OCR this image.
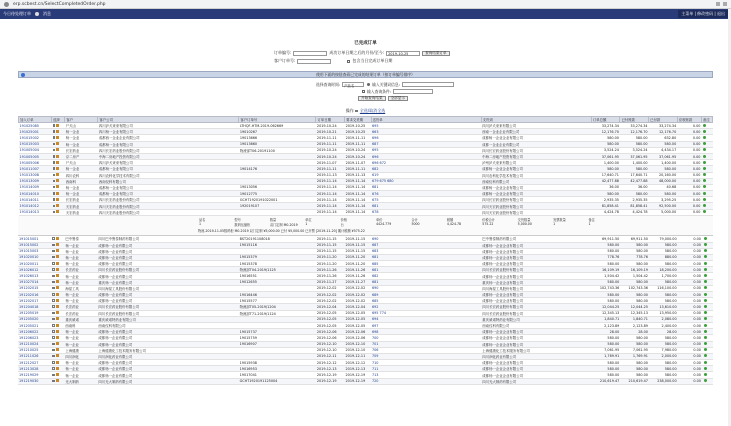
erp.scbest.cn/SelectCompletedOrder.php
今日待处理订单	消息	主菜单 | 修改密码 | 退出
已完成订单
订单编号:	成功订单日期之后的月份/至今:	2019-10-25	查询结果订单
客户订单号:	包含当日完成订单日期
使用下面的按钮查看已完成的结果订单（按订单编号排序）
选择查询时间:	产品名	输入关键词信息:
输入查询条件:
开始查询结果	全部显示
操作 全选/取消全选
加入订单	选择	客户	客户公司	客户订单号	订单日期	要求交货期	送货单	支货到	订单总额	已付账款	已付款	应收账款	备注
191025085		尸犬山	四川泸犬来来有限公司	LTHQF-HTM-2019-062669	2019-10-24	2019-10-25	695	四川泸犬来来有限公司	33,274.34	33,274.34	33,274.34	0.00	
191025001		杨一企业	四川杨一企业有限公司	19010267	2019-10-21	2019-10-25	663	西南一企业企业有限公司	12,176.70	12,176.70	12,176.70	0.00	
191015002		杨一企业	成都西一企业企业有限公司	19013666	2019-11-11	2019-11-11	696	成都杨一企业企业有限公司	580.00	580.00	632.80	0.00	
191015003		杨一企业	成都杨一企业有限公司	19013660	2019-11-11	2019-11-11	687	成都一企业企业有限公司	580.00	580.00	580.00	0.00	
191005004		长宏药业	四川长宏药业股份有限公司	物流部T06-20191100	2019-10-24	2019-10-24	695	四川长宏药业股份有限公司	3,524.24	3,524.24	4,434.17	0.00	
191005005		京二房产	中海二房地产投资有限公司		2019-10-24	2019-10-24	696	中海二房地产投资有限公司	37,061.95	37,061.95	37,061.95	0.00	
191005006		尸犬山	四川泸犬来来有限公司		2019-11-07	2019-11-07	696 672	泸州泸犬来来有限公司	1,400.00	1,400.00	1,400.00	0.00	
191011007		杨一企业	成都杨一企业有限公司	19014176	2019-11-11	2019-11-11	682	成都杨一企业企业有限公司	580.00	580.00	580.00	0.00	
191013008		四川农科	四川农科化学技术有限公司		2019-11-13	2019-11-13	619	四川农科化学技术有限公司	17,640.71	17,640.71	20,160.00	0.00	
191013009		西南科	西南仪科有限公司		2019-11-14	2019-11-14	679 675 680	西南仪科有限公司	42,477.88	42,477.88	48,000.00	0.00	
191014009		杨一企业	成都杨一企业有限公司	19013056	2019-11-14	2019-11-14	681	成都杨一企业企业有限公司	36.00	36.00	40.68	0.00	
191014010		杨一企业	成都杨一企业有限公司	19012775	2019-11-14	2019-11-14	676	成都杨一企业企业有限公司	580.00	580.00	580.00	0.00	
191014011		长宏药业	四川长宏药业股份有限公司	GCHT1920191022001	2019-11-14	2019-11-14	675	四川长宏药业股份有限公司	2,935.35	2,935.35	3,295.25	0.00	
191014012		天宏药业	四川天宏药业股份有限公司	192019107	2019-11-14	2019-11-14	681	四川天宏药业股份有限公司	81,858.41	81,858.41	92,500.00	0.00	
191014013		天宏药业	四川天宏药业股份有限公司		2019-11-14	2019-11-14	678	四川天宏药业股份有限公司	4,424.78	4,424.78	5,000.00	0.00	
品名	型号	数量	单位	价格	单价	合计	税额	价税合计	交货数量	发票数量	备注
1	数码压缩柜	双门定制 M0-2019	1	台	4424.779	5000	4,424.78	575.22	5,000.00	1	1
物流-2019-11-05数码柜 M0-2019 双门定制 ¥5,000.00 已付 ¥5,000.00 已开票 [2019-11-20] 累计税额 ¥575.22
191015001		巴中鲁泰	四川巴中鲁泰制药有限公司	BST20191108018	2019-11-15	2019-11-15	690	巴中鲁泰制药有限公司	69,911.50	69,911.50	79,000.00	0.00	
191015002		杨一企业	成都杨一企业有限公司	19015116	2019-11-15	2019-11-15	687	成都杨一企业企业有限公司	580.00	580.00	580.00	0.00	
191015003		杨一企业	成都杨一企业有限公司		2019-11-15	2019-11-15	683	成都杨一企业企业有限公司	580.00	580.00	580.00	0.00	
191020010		杨一企业	成都杨一企业有限公司	19015379	2019-11-20	2019-11-20	681	成都杨一企业企业有限公司	778.76	778.76	880.00	0.00	
191020011		杨一企业	成都杨一企业有限公司	19015378	2019-11-20	2019-11-20	685	成都杨一企业企业有限公司	580.00	580.00	580.00	0.00	
191026012		长宏药业	四川长宏药业股份有限公司	物流部T04-2019/1125	2019-11-26	2019-11-26	681	四川长宏药业股份有限公司	16,109.19	16,109.19	18,200.00	0.00	
191026013		杨一企业	成都杨一企业有限公司	19016551	2019-11-26	2019-11-26	682	成都杨一企业企业有限公司	1,504.42	1,504.42	1,700.00	0.00	
191027014		杨一企业	重庆杨一企业有限公司	19012655	2019-11-27	2019-11-27	681	重庆杨一企业企业有限公司	580.00	580.00	580.00	0.00	
191202015		海星工具	四川海星工具股份有限公司		2019-12-02	2019-12-02	690	四川海星工具股份有限公司	102,743.36	102,743.36	116,100.00	0.00	
191202016		杨一企业	成都杨一企业有限公司	19016446	2019-12-02	2019-12-02	689	成都杨一企业企业有限公司	580.00	580.00	580.00	0.00	
191202017		杨一企业	成都杨一企业有限公司	19015577	2019-12-02	2019-12-02	685	成都杨一企业企业有限公司	580.00	580.00	580.00	0.00	
191204018		长宏药业	四川长宏药业股份有限公司	物流部T05-2019/1204	2019-12-04	2019-12-04	692	四川长宏药业股份有限公司	12,044.25	12,044.25	13,610.00	0.00	
191205019		长宏药业	四川长宏药业股份有限公司	物流部T71-2019/1124	2019-12-05	2019-12-05	695 774	四川长宏药业股份有限公司	12,345.13	12,345.13	13,950.00	0.00	
191205020		重庆威诺	重庆威诺特药业有限公司		2019-12-05	2019-12-05	694	重庆威诺特药业有限公司	1,840.71	1,840.71	2,080.00	0.00	
191205021		西南科	西南仪科有限公司		2019-12-05	2019-12-05	697	西南仪科有限公司	2,123.89	2,123.89	2,400.00	0.00	
191206022		杨一企业	成都杨一企业有限公司	19015737	2019-12-06	2019-12-06	698	成都杨一企业企业有限公司	28.00	28.00	28.00	0.00	
191206023		杨一企业	成都杨一企业有限公司	19015759	2019-12-06	2019-12-06	700	成都杨一企业企业有限公司	580.00	580.00	580.00	0.00	
191210024		杨一企业	成都杨一企业有限公司	19016907	2019-12-10	2019-12-10	701	成都杨一企业企业有限公司	580.00	580.00	580.00	0.00	
191210025		上海健康	上海健康化工技术服务有限公司		2019-12-10	2019-12-10	706	上海健康化工技术服务有限公司	7,061.95	7,061.95	7,980.00	0.00	
191211026		四川润化	四川润化药业有限公司		2019-12-11	2019-12-11	709	四川润化药业有限公司	1,769.91	1,769.91	2,000.00	0.00	
191212027		杨一企业	成都杨一企业有限公司	19015938	2019-12-12	2019-12-12	710	成都杨一企业企业有限公司	580.00	580.00	580.00	0.00	
191213028		杨一企业	成都杨一企业有限公司	19016953	2019-12-13	2019-12-13	711	成都杨一企业企业有限公司	580.00	580.00	580.00	0.00	
191219029		杨一企业	成都杨一企业有限公司	19017041	2019-12-19	2019-12-19	713	成都杨一企业企业有限公司	580.00	580.00	580.00	0.00	
191219030		光大制药	四川光大制药有限公司	GCHT1920191125004	2019-12-19	2019-12-19	720	四川光大制药有限公司	210,619.47	210,619.47	238,000.00	0.00	
